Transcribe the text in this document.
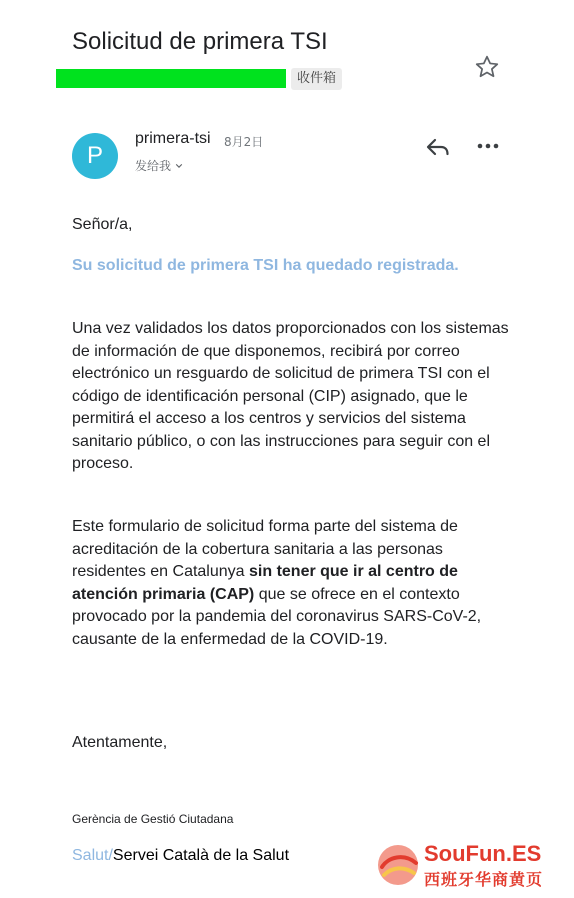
Solicitud de primera TSI
收件箱
P
primera-tsi 8月2日
发给我
Señor/a,
Su solicitud de primera TSI ha quedado registrada.
Una vez validados los datos proporcionados con los sistemas de información de que disponemos, recibirá por correo electrónico un resguardo de solicitud de primera TSI con el código de identificación personal (CIP) asignado, que le permitirá el acceso a los centros y servicios del sistema sanitario público, o con las instrucciones para seguir con el proceso.
Este formulario de solicitud forma parte del sistema de acreditación de la cobertura sanitaria a las personas residentes en Catalunya sin tener que ir al centro de atención primaria (CAP) que se ofrece en el contexto provocado por la pandemia del coronavirus SARS-CoV-2, causante de la enfermedad de la COVID-19.
Atentamente,
Gerència de Gestió Ciutadana
Salut/Servei Català de la Salut	SouFun.ES
西班牙华商黄页
